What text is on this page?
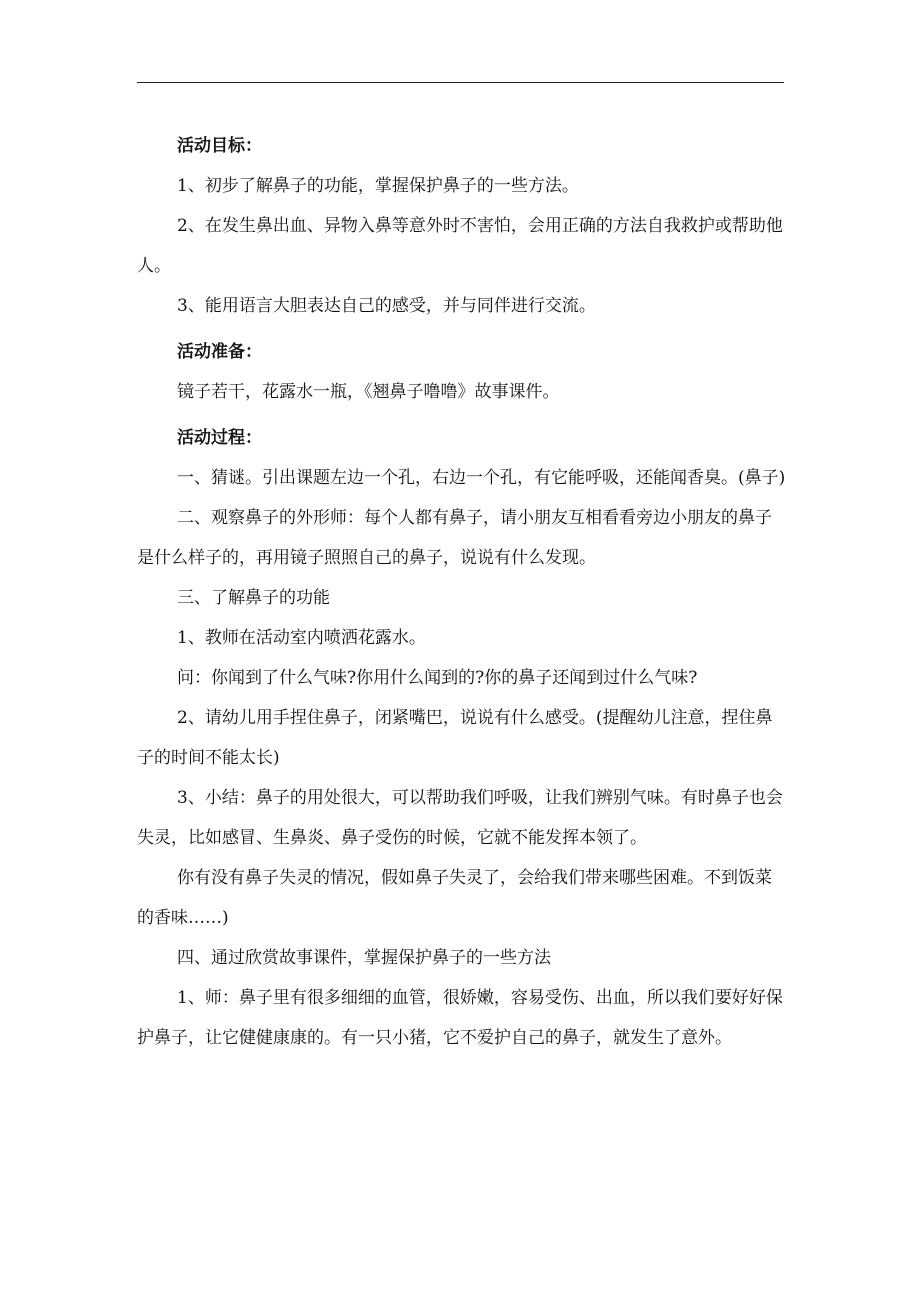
活动目标：

1、初步了解鼻子的功能，掌握保护鼻子的一些方法。

2、在发生鼻出血、异物入鼻等意外时不害怕，会用正确的方法自我救护或帮助他人。

3、能用语言大胆表达自己的感受，并与同伴进行交流。

活动准备：

镜子若干，花露水一瓶，《翘鼻子噜噜》故事课件。

活动过程：

一、猜谜。引出课题左边一个孔，右边一个孔，有它能呼吸，还能闻香臭。(鼻子)

二、观察鼻子的外形师：每个人都有鼻子，请小朋友互相看看旁边小朋友的鼻子是什么样子的，再用镜子照照自己的鼻子，说说有什么发现。

三、了解鼻子的功能

1、教师在活动室内喷洒花露水。

问：你闻到了什么气味?你用什么闻到的?你的鼻子还闻到过什么气味?

2、请幼儿用手捏住鼻子，闭紧嘴巴，说说有什么感受。(提醒幼儿注意，捏住鼻子的时间不能太长)

3、小结：鼻子的用处很大，可以帮助我们呼吸，让我们辨别气味。有时鼻子也会失灵，比如感冒、生鼻炎、鼻子受伤的时候，它就不能发挥本领了。

你有没有鼻子失灵的情况，假如鼻子失灵了，会给我们带来哪些困难。不到饭菜的香味……)

四、通过欣赏故事课件，掌握保护鼻子的一些方法

1、师：鼻子里有很多细细的血管，很娇嫩，容易受伤、出血，所以我们要好好保护鼻子，让它健健康康的。有一只小猪，它不爱护自己的鼻子，就发生了意外。
